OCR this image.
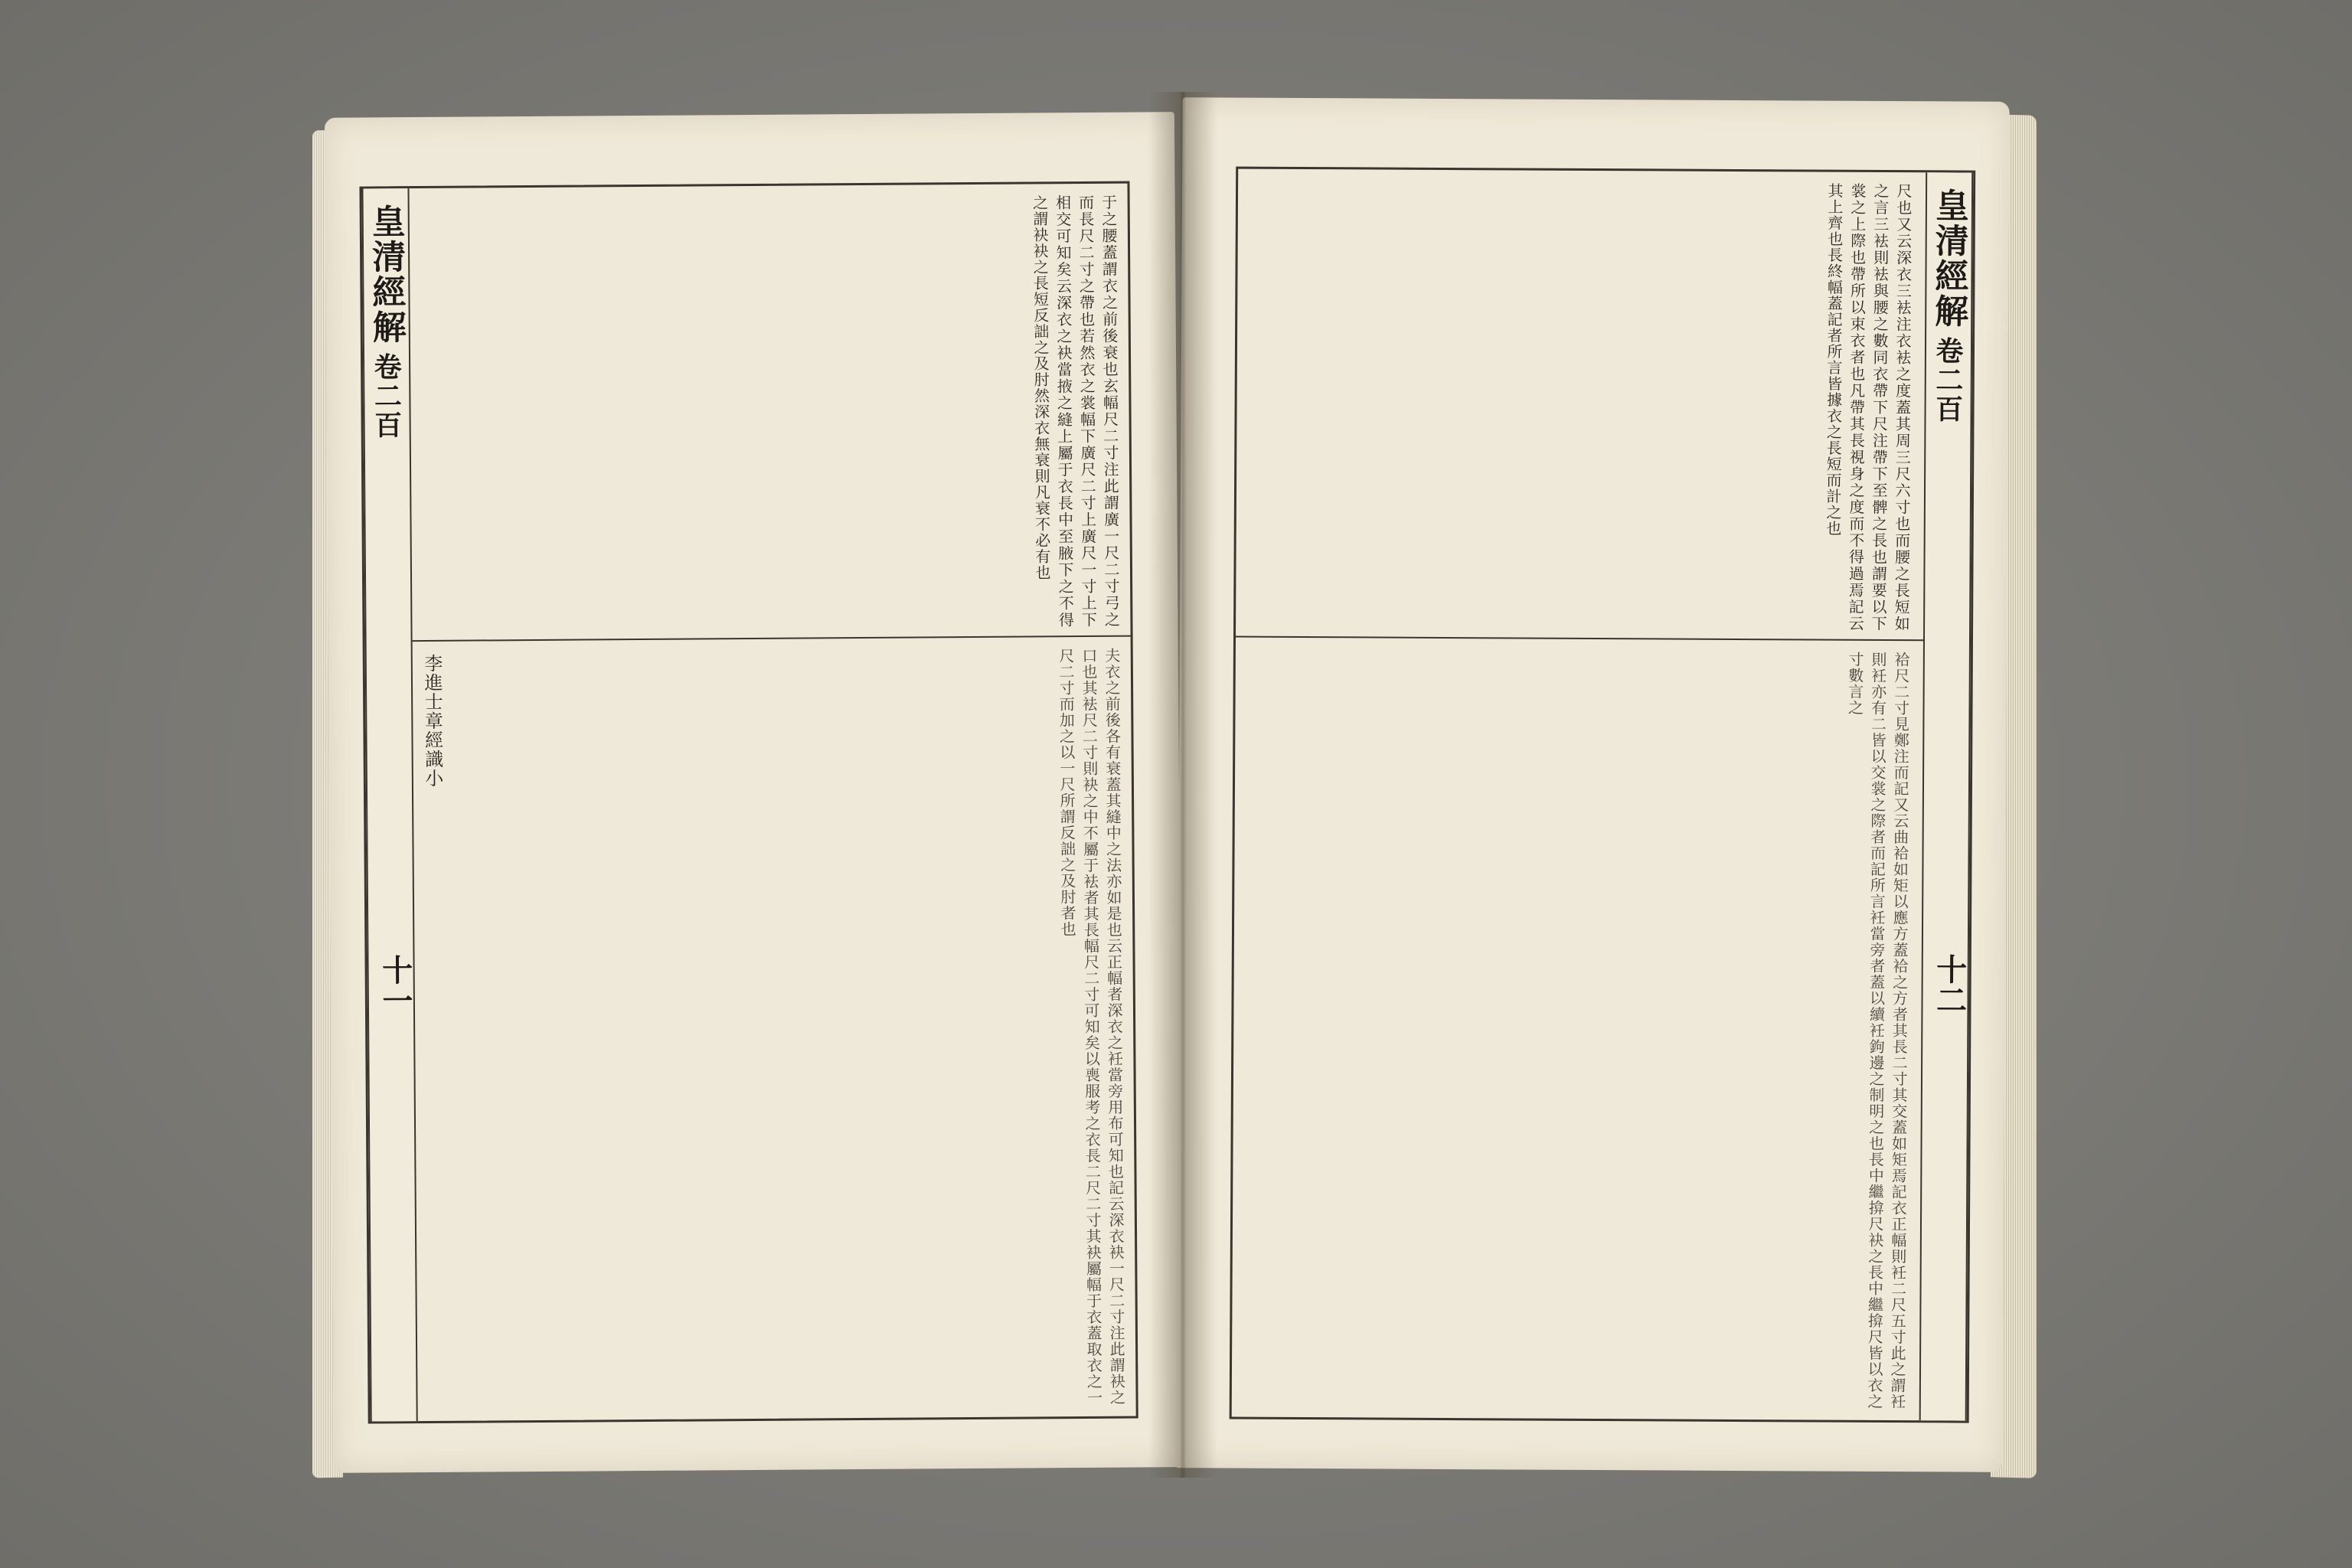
皇清經解
卷二百
十一
于之腰蓋謂衣之前後衰也玄幅尺二寸注此謂廣一尺二寸弓之而長尺二寸之帶也若然衣之裳幅下廣尺二寸上廣尺一寸上下相交可知矣云深衣之袂當掖之縫上屬于衣長中至腋下之不得之謂袂袂之長短反詘之及肘然深衣無衰則凡衰不必有也
李進士章經識小	夫衣之前後各有衰蓋其縫中之法亦如是也云正幅者深衣之衽當旁用布可知也記云深衣袂一尺二寸注此謂袂之口也其袪尺二寸則袂之中不屬于袪者其長幅尺二寸可知矣以喪服考之衣長二尺二寸其袂屬幅于衣蓋取衣之一尺二寸而加之以一尺所謂反詘之及肘者也
皇清經解
卷二百
十二
尺也又云深衣三袪注衣袪之度蓋其周三尺六寸也而腰之長短如之言三袪則袪與腰之數同衣帶下尺注帶下至髀之長也謂要以下裳之上際也帶所以束衣者也凡帶其長視身之度而不得過焉記云其上齊也長終幅蓋記者所言皆據衣之長短而計之也
袷尺二寸見鄭注而記又云曲袷如矩以應方蓋袷之方者其長二寸其交蓋如矩焉記衣正幅則衽二尺五寸此之謂衽則衽亦有二皆以交裳之際者而記所言衽當旁者蓋以續衽鉤邊之制明之也長中繼揜尺袂之長中繼揜尺皆以衣之寸數言之
